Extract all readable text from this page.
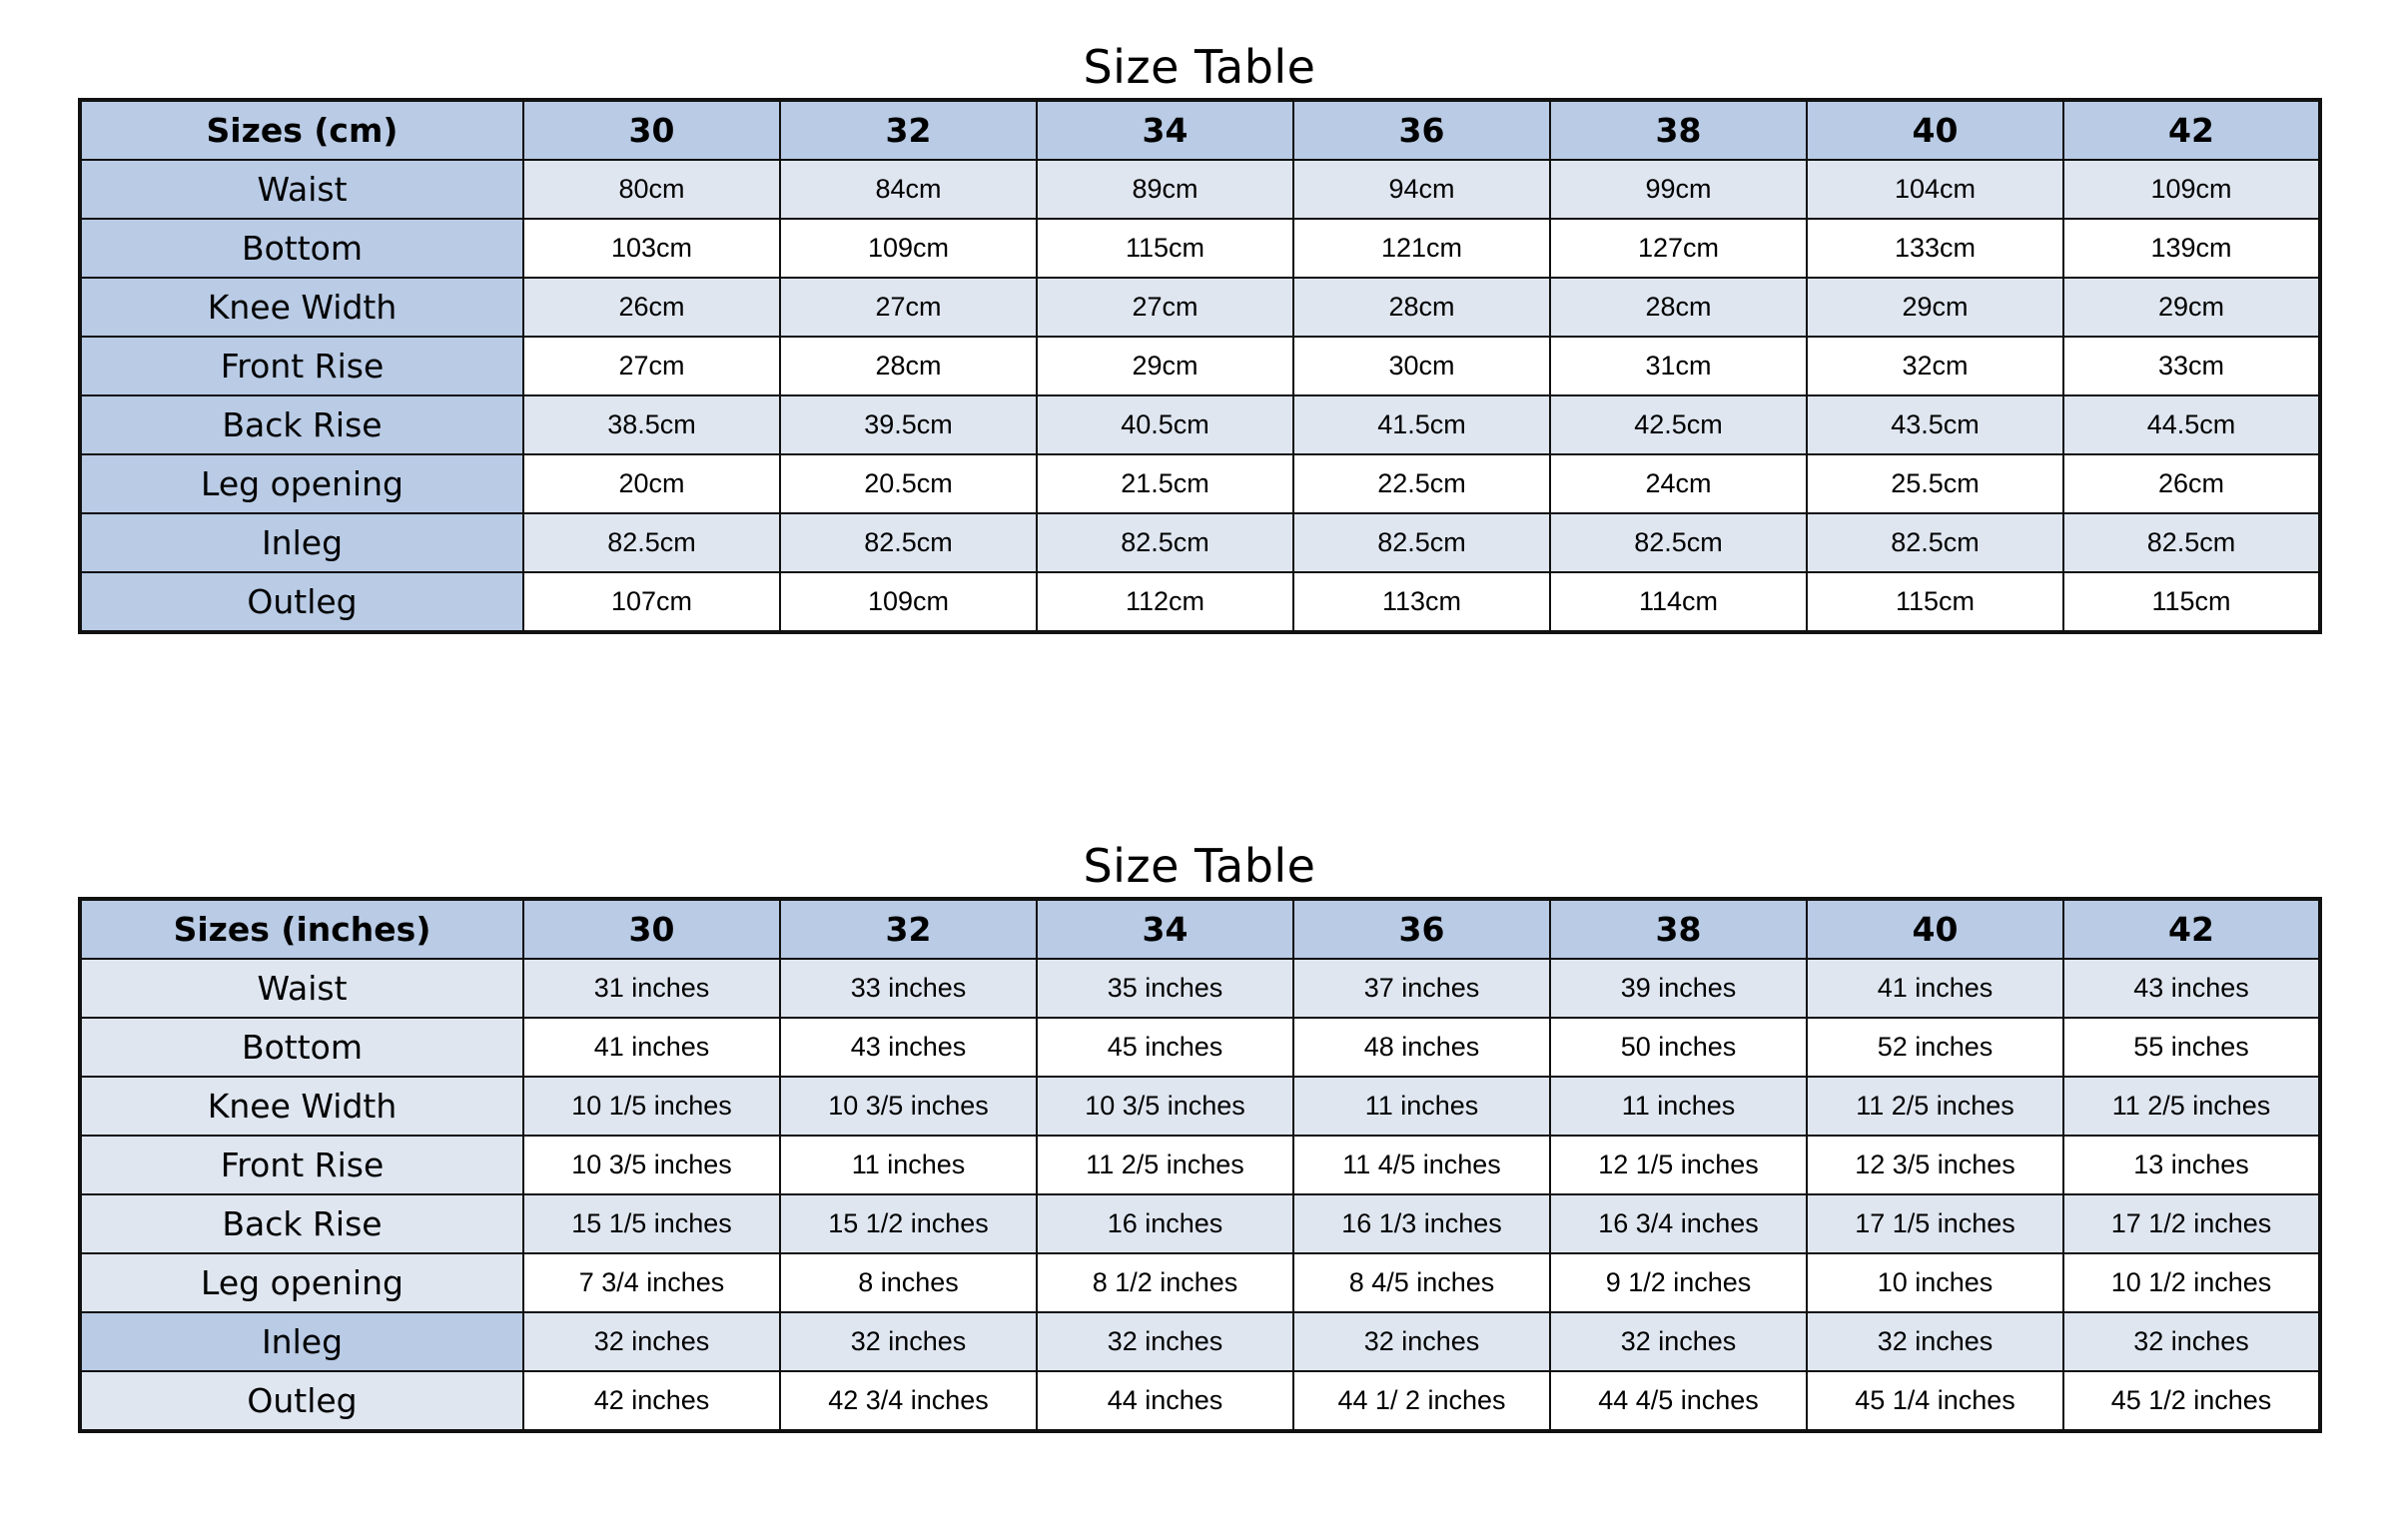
Size Table
Sizes (cm)	30	32	34	36	38	40	42
Waist	80cm	84cm	89cm	94cm	99cm	104cm	109cm
Bottom	103cm	109cm	115cm	121cm	127cm	133cm	139cm
Knee Width	26cm	27cm	27cm	28cm	28cm	29cm	29cm
Front Rise	27cm	28cm	29cm	30cm	31cm	32cm	33cm
Back Rise	38.5cm	39.5cm	40.5cm	41.5cm	42.5cm	43.5cm	44.5cm
Leg opening	20cm	20.5cm	21.5cm	22.5cm	24cm	25.5cm	26cm
Inleg	82.5cm	82.5cm	82.5cm	82.5cm	82.5cm	82.5cm	82.5cm
Outleg	107cm	109cm	112cm	113cm	114cm	115cm	115cm
Size Table
Sizes (inches)	30	32	34	36	38	40	42
Waist	31 inches	33 inches	35 inches	37 inches	39 inches	41 inches	43 inches
Bottom	41 inches	43 inches	45 inches	48 inches	50 inches	52 inches	55 inches
Knee Width	10 1/5 inches	10 3/5 inches	10 3/5 inches	11 inches	11 inches	11 2/5 inches	11 2/5 inches
Front Rise	10 3/5 inches	11 inches	11 2/5 inches	11 4/5 inches	12 1/5 inches	12 3/5 inches	13 inches
Back Rise	15 1/5 inches	15 1/2 inches	16 inches	16 1/3 inches	16 3/4 inches	17 1/5 inches	17 1/2 inches
Leg opening	7 3/4 inches	8 inches	8 1/2 inches	8 4/5 inches	9 1/2 inches	10 inches	10 1/2 inches
Inleg	32 inches	32 inches	32 inches	32 inches	32 inches	32 inches	32 inches
Outleg	42 inches	42 3/4 inches	44 inches	44 1/ 2 inches	44 4/5 inches	45 1/4 inches	45 1/2 inches
